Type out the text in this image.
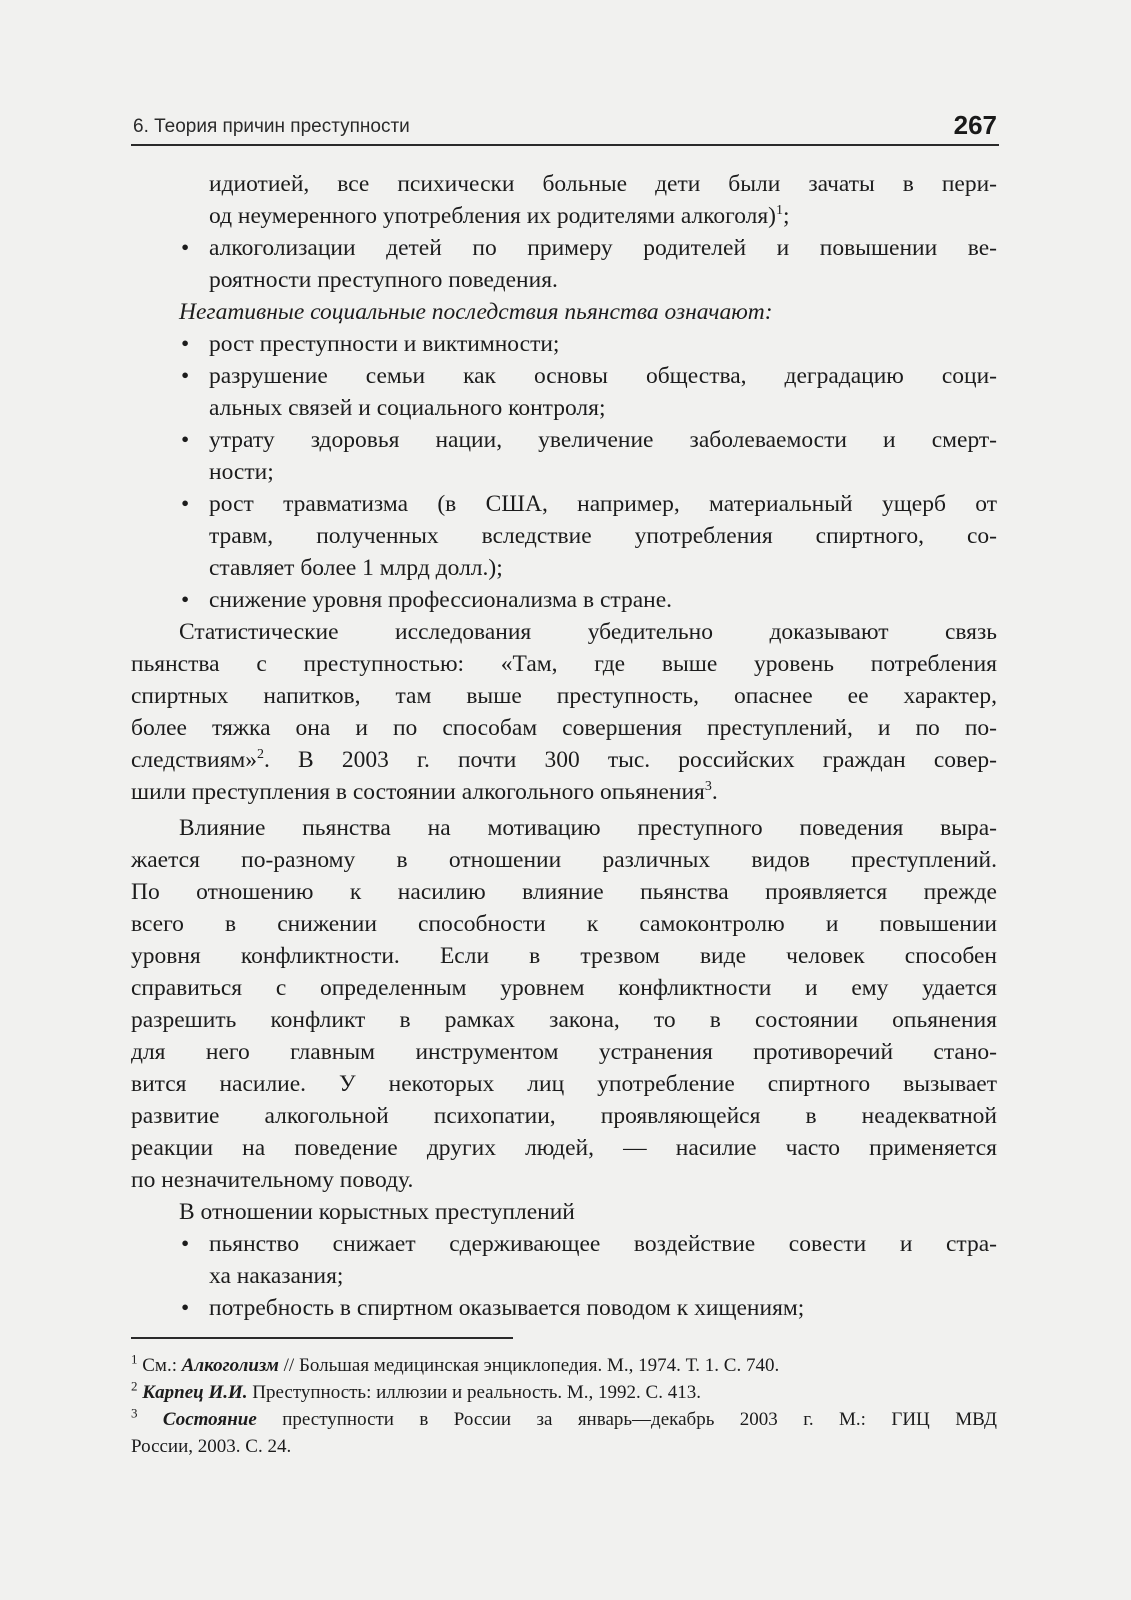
6. Теория причин преступности	267
идиотией, все психически больные дети были зачаты в пери-
од неумеренного употребления их родителями алкоголя)$^1$;
• алкоголизации детей по примеру родителей и повышении ве-
роятности преступного поведения.
Негативные социальные последствия пьянства означают:
• рост преступности и виктимности;
• разрушение семьи как основы общества, деградацию соци-
альных связей и социального контроля;
• утрату здоровья нации, увеличение заболеваемости и смерт-
ности;
• рост травматизма (в США, например, материальный ущерб от
травм, полученных вследствие употребления спиртного, со-
ставляет более 1 млрд долл.);
• снижение уровня профессионализма в стране.
Статистические исследования убедительно доказывают связь
пьянства с преступностью: «Там, где выше уровень потребления
спиртных напитков, там выше преступность, опаснее ее характер,
более тяжка она и по способам совершения преступлений, и по по-
следствиям»$^2$. В 2003 г. почти 300 тыс. российских граждан совер-
шили преступления в состоянии алкогольного опьянения$^3$.
Влияние пьянства на мотивацию преступного поведения выра-
жается по-разному в отношении различных видов преступлений.
По отношению к насилию влияние пьянства проявляется прежде
всего в снижении способности к самоконтролю и повышении
уровня конфликтности. Если в трезвом виде человек способен
справиться с определенным уровнем конфликтности и ему удается
разрешить конфликт в рамках закона, то в состоянии опьянения
для него главным инструментом устранения противоречий стано-
вится насилие. У некоторых лиц употребление спиртного вызывает
развитие алкогольной психопатии, проявляющейся в неадекватной
реакции на поведение других людей, — насилие часто применяется
по незначительному поводу.
В отношении корыстных преступлений
• пьянство снижает сдерживающее воздействие совести и стра-
ха наказания;
• потребность в спиртном оказывается поводом к хищениям;
$^1$ См.: Алкоголизм // Большая медицинская энциклопедия. М., 1974. Т. 1. С. 740.
$^2$ Карпец И.И. Преступность: иллюзии и реальность. М., 1992. С. 413.
$^3$ Состояние преступности в России за январь—декабрь 2003 г. М.: ГИЦ МВД
России, 2003. С. 24.
